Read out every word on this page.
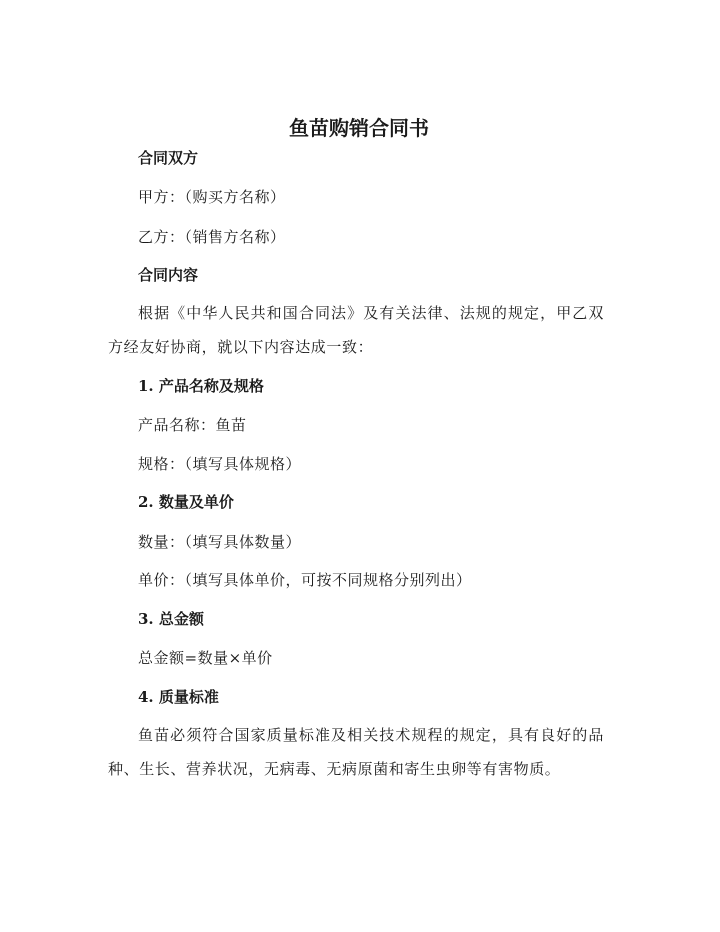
鱼苗购销合同书
合同双方

甲方：（购买方名称）

乙方：（销售方名称）

合同内容

根据《中华人民共和国合同法》及有关法律、法规的规定，甲乙双方经友好协商，就以下内容达成一致：

1. 产品名称及规格

产品名称：鱼苗

规格：（填写具体规格）

2. 数量及单价

数量：（填写具体数量）

单价：（填写具体单价，可按不同规格分别列出）

3. 总金额

总金额=数量×单价

4. 质量标准

鱼苗必须符合国家质量标准及相关技术规程的规定，具有良好的品种、生长、营养状况，无病毒、无病原菌和寄生虫卵等有害物质。
